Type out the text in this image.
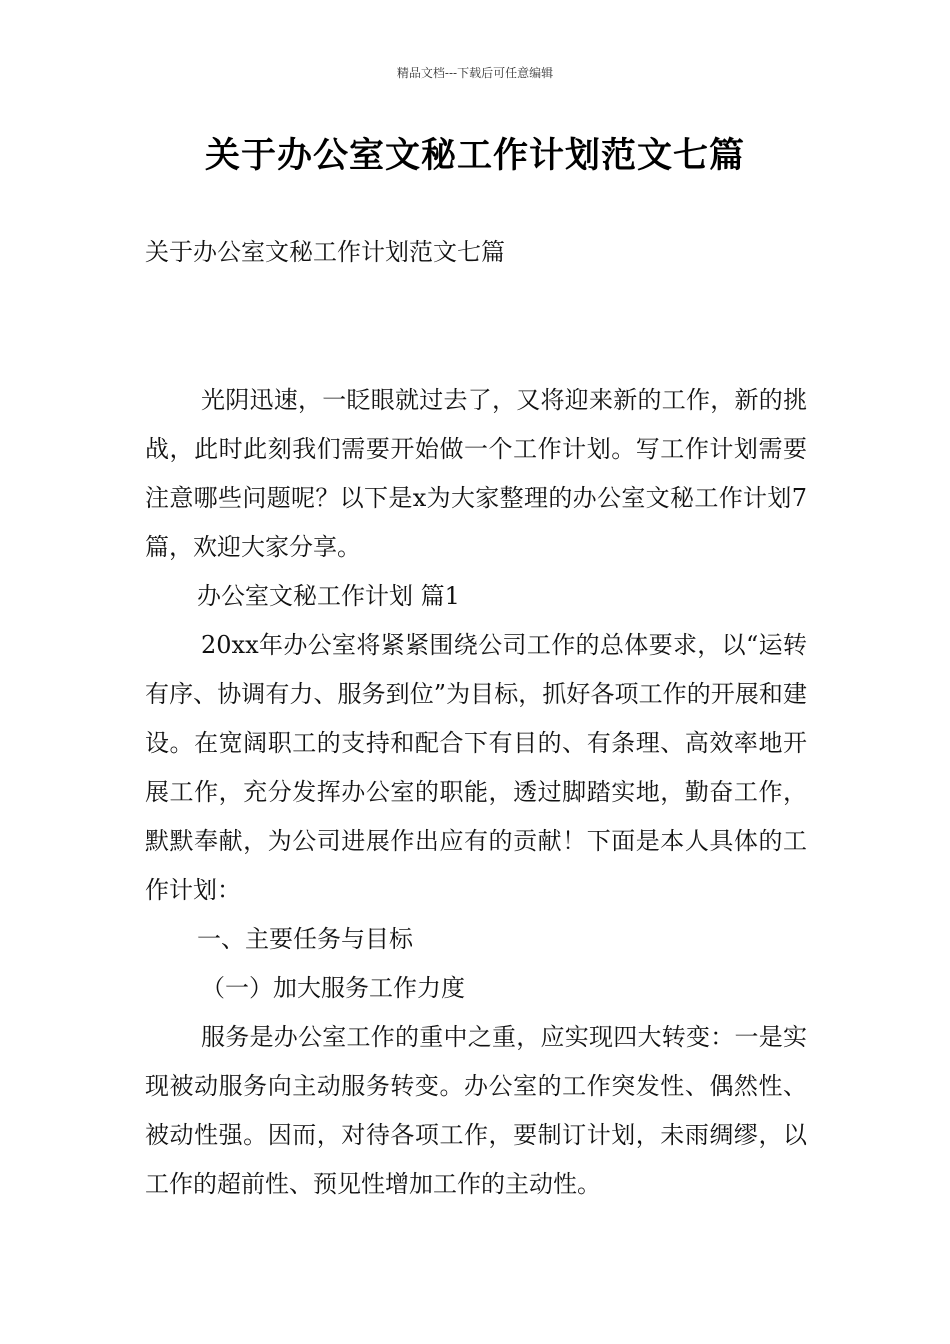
精品文档---下载后可任意编辑
关于办公室文秘工作计划范文七篇
关于办公室文秘工作计划范文七篇

光阴迅速，一眨眼就过去了，又将迎来新的工作，新的挑战，此时此刻我们需要开始做一个工作计划。写工作计划需要注意哪些问题呢？以下是x为大家整理的办公室文秘工作计划7篇，欢迎大家分享。

办公室文秘工作计划 篇1

20xx年办公室将紧紧围绕公司工作的总体要求，以“运转有序、协调有力、服务到位”为目标，抓好各项工作的开展和建设。在宽阔职工的支持和配合下有目的、有条理、高效率地开展工作，充分发挥办公室的职能，透过脚踏实地，勤奋工作，默默奉献，为公司进展作出应有的贡献！下面是本人具体的工作计划：

一、主要任务与目标

（一）加大服务工作力度

服务是办公室工作的重中之重，应实现四大转变：一是实现被动服务向主动服务转变。办公室的工作突发性、偶然性、被动性强。因而，对待各项工作，要制订计划，未雨绸缪，以工作的超前性、预见性增加工作的主动性。
